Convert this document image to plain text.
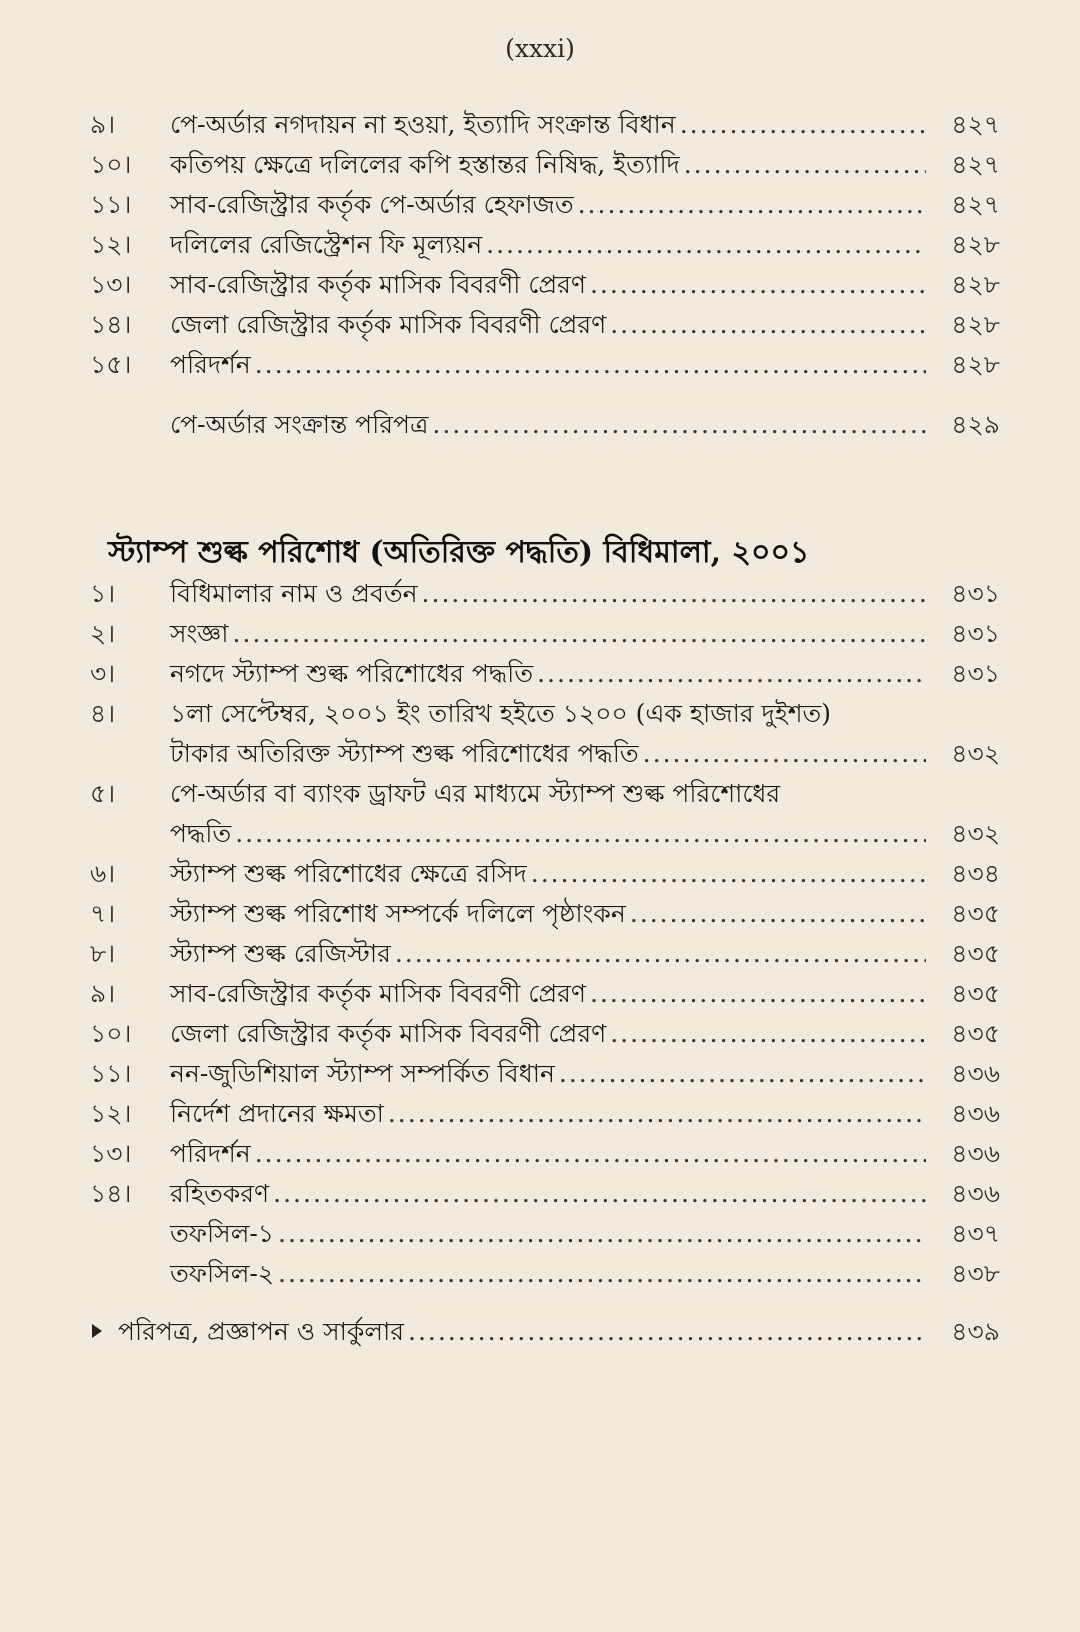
(xxxi)
৯।	পে-অর্ডার নগদায়ন না হওয়া, ইত্যাদি সংক্রান্ত বিধান .....	৪২৭
১০।	কতিপয় ক্ষেত্রে দলিলের কপি হস্তান্তর নিষিদ্ধ, ইত্যাদি .....	৪২৭
১১।	সাব-রেজিস্ট্রার কর্তৃক পে-অর্ডার হেফাজত .....	৪২৭
১২।	দলিলের রেজিস্ট্রেশন ফি মূল্যয়ন .....	৪২৮
১৩।	সাব-রেজিস্ট্রার কর্তৃক মাসিক বিবরণী প্রেরণ .....	৪২৮
১৪।	জেলা রেজিস্ট্রার কর্তৃক মাসিক বিবরণী প্রেরণ .....	৪২৮
১৫।	পরিদর্শন .....	৪২৮
পে-অর্ডার সংক্রান্ত পরিপত্র .....	৪২৯
স্ট্যাম্প শুল্ক পরিশোধ (অতিরিক্ত পদ্ধতি) বিধিমালা, ২০০১
১।	বিধিমালার নাম ও প্রবর্তন .....	৪৩১
২।	সংজ্ঞা .....	৪৩১
৩।	নগদে স্ট্যাম্প শুল্ক পরিশোধের পদ্ধতি .....	৪৩১
৪।	১লা সেপ্টেম্বর, ২০০১ ইং তারিখ হইতে ১২০০ (এক হাজার দুইশত)
টাকার অতিরিক্ত স্ট্যাম্প শুল্ক পরিশোধের পদ্ধতি .....	৪৩২
৫।	পে-অর্ডার বা ব্যাংক ড্রাফট এর মাধ্যমে স্ট্যাম্প শুল্ক পরিশোধের
পদ্ধতি .....	৪৩২
৬।	স্ট্যাম্প শুল্ক পরিশোধের ক্ষেত্রে রসিদ .....	৪৩৪
৭।	স্ট্যাম্প শুল্ক পরিশোধ সম্পর্কে দলিলে পৃষ্ঠাংকন .....	৪৩৫
৮।	স্ট্যাম্প শুল্ক রেজিস্টার .....	৪৩৫
৯।	সাব-রেজিস্ট্রার কর্তৃক মাসিক বিবরণী প্রেরণ .....	৪৩৫
১০।	জেলা রেজিস্ট্রার কর্তৃক মাসিক বিবরণী প্রেরণ .....	৪৩৫
১১।	নন-জুডিশিয়াল স্ট্যাম্প সম্পর্কিত বিধান .....	৪৩৬
১২।	নির্দেশ প্রদানের ক্ষমতা .....	৪৩৬
১৩।	পরিদর্শন .....	৪৩৬
১৪।	রহিতকরণ .....	৪৩৬
তফসিল-১ .....	৪৩৭
তফসিল-২ .....	৪৩৮
পরিপত্র, প্রজ্ঞাপন ও সার্কুলার .....	৪৩৯
